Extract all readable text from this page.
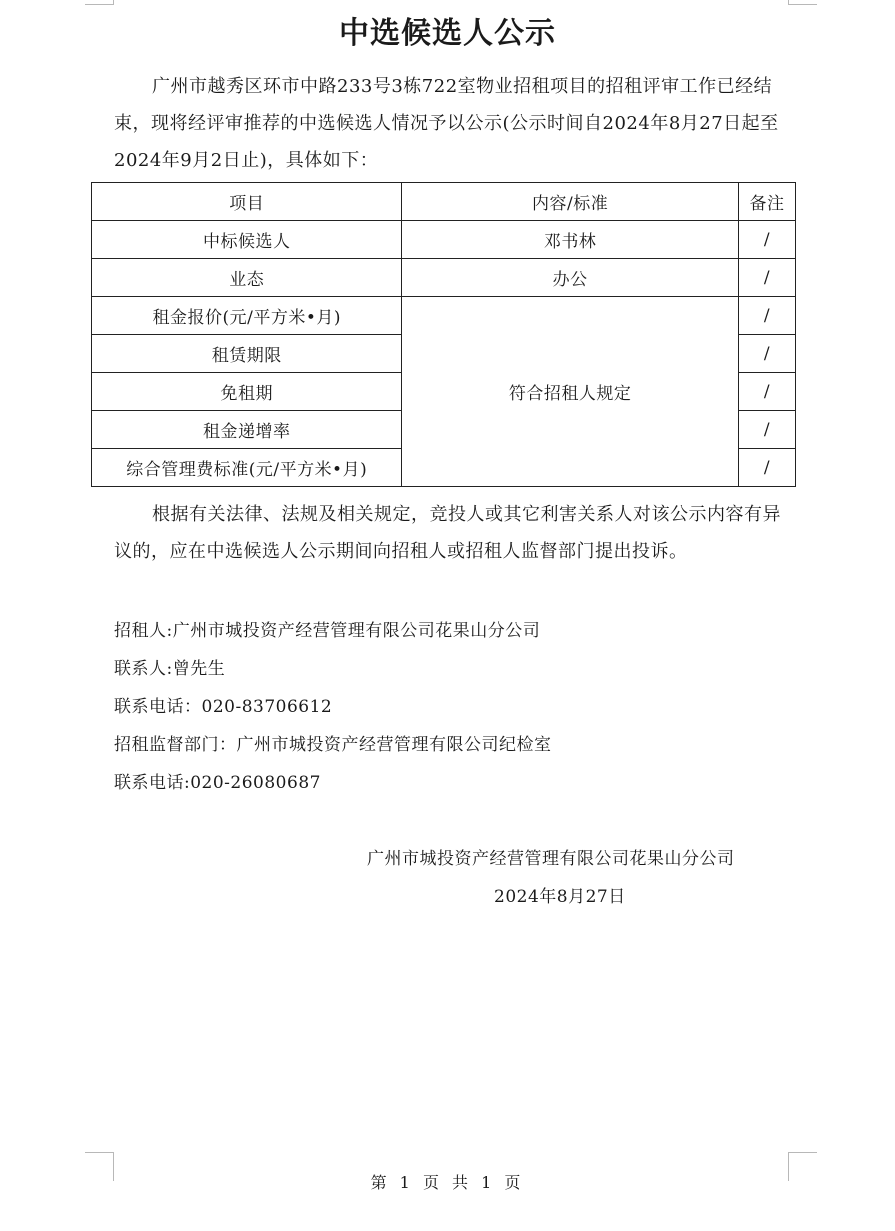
中选候选人公示
广州市越秀区环市中路233号3栋722室物业招租项目的招租评审工作已经结束，现将经评审推荐的中选候选人情况予以公示(公示时间自2024年8月27日起至 2024年9月2日止)，具体如下：
项目	内容/标准	备注
中标候选人	邓书林	/
业态	办公	/
租金报价(元/平方米•月)	符合招租人规定	/
租赁期限		/
免租期		/
租金递增率		/
综合管理费标准(元/平方米•月)		/
根据有关法律、法规及相关规定，竞投人或其它利害关系人对该公示内容有异议的，应在中选候选人公示期间向招租人或招租人监督部门提出投诉。
招租人:广州市城投资产经营管理有限公司花果山分公司
联系人:曾先生
联系电话：020-83706612
招租监督部门：广州市城投资产经营管理有限公司纪检室
联系电话:020-26080687
广州市城投资产经营管理有限公司花果山分公司
2024年8月27日
第 1 页 共 1 页
